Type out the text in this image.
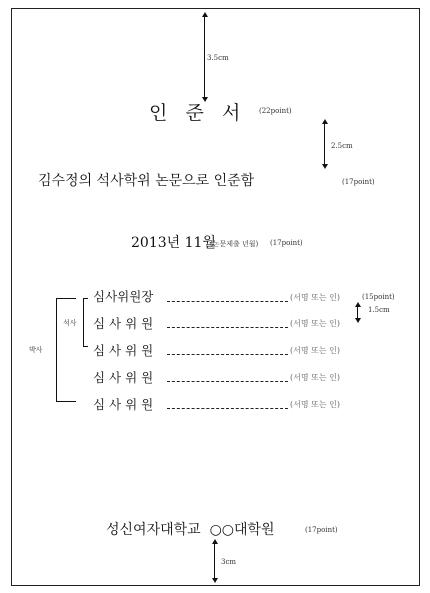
3.5cm
인   준   서	(22point)
2.5cm
김수정의 석사학위 논문으로 인준함	(17point)
2013년 11월
(논문제출 년월) (17point)
박사
석사
심사위원장	(서명 또는 인)	(15point)
1.5cm
심 사 위 원	(서명 또는 인)
심 사 위 원	(서명 또는 인)
심 사 위 원	(서명 또는 인)
심 사 위 원	(서명 또는 인)
성신여자대학교  ○○대학원	(17point)
3cm
